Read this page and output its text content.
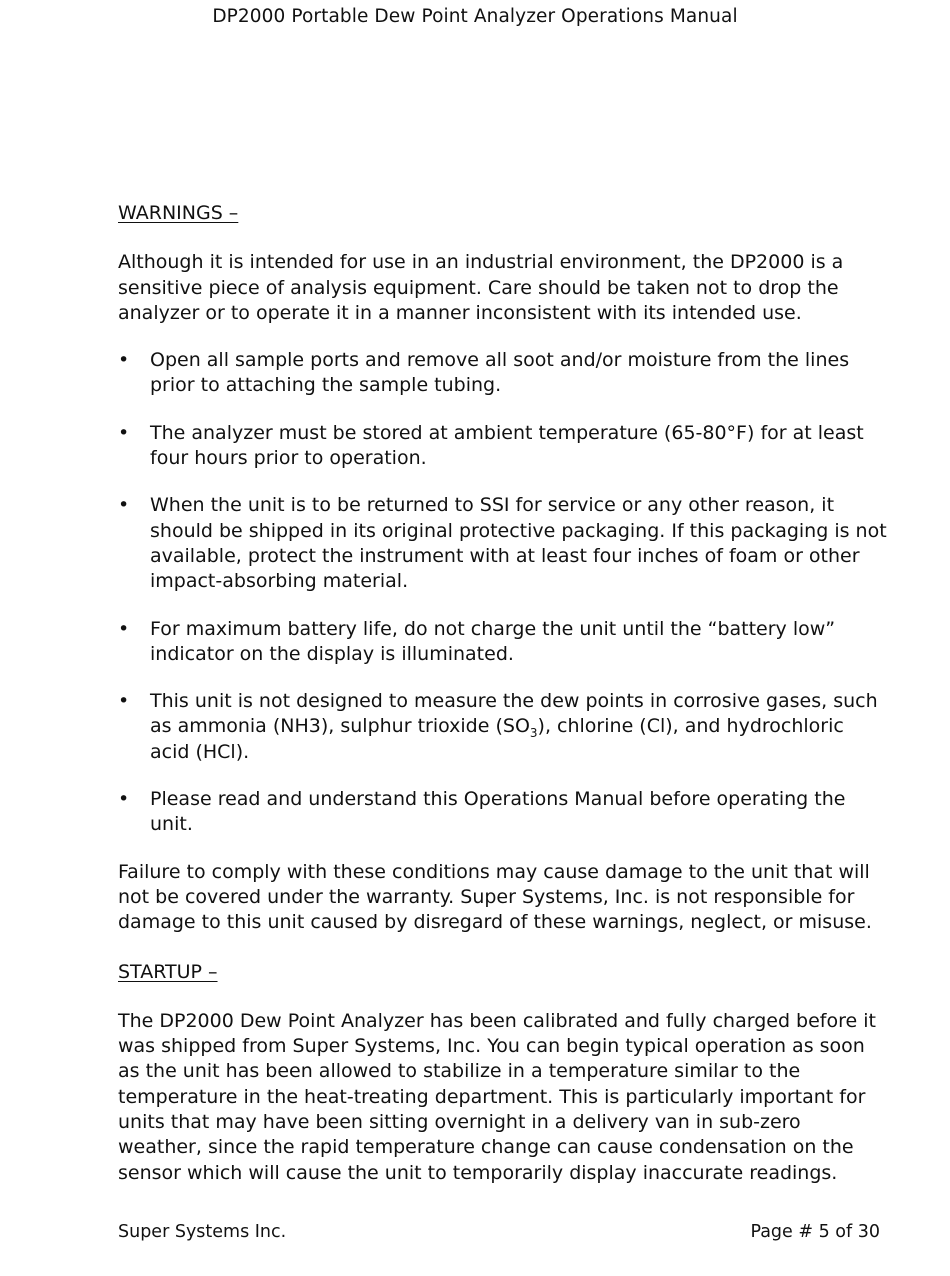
DP2000 Portable Dew Point Analyzer Operations Manual

WARNINGS –

Although it is intended for use in an industrial environment, the DP2000 is a sensitive piece of analysis equipment. Care should be taken not to drop the analyzer or to operate it in a manner inconsistent with its intended use.

• Open all sample ports and remove all soot and/or moisture from the lines prior to attaching the sample tubing.
• The analyzer must be stored at ambient temperature (65-80°F) for at least four hours prior to operation.
• When the unit is to be returned to SSI for service or any other reason, it should be shipped in its original protective packaging. If this packaging is not available, protect the instrument with at least four inches of foam or other impact-absorbing material.
• For maximum battery life, do not charge the unit until the “battery low” indicator on the display is illuminated.
• This unit is not designed to measure the dew points in corrosive gases, such as ammonia (NH3), sulphur trioxide $(SO_3)$, chlorine (Cl), and hydrochloric acid (HCl).
• Please read and understand this Operations Manual before operating the unit.

Failure to comply with these conditions may cause damage to the unit that will not be covered under the warranty. Super Systems, Inc. is not responsible for damage to this unit caused by disregard of these warnings, neglect, or misuse.

STARTUP –

The DP2000 Dew Point Analyzer has been calibrated and fully charged before it was shipped from Super Systems, Inc. You can begin typical operation as soon as the unit has been allowed to stabilize in a temperature similar to the temperature in the heat-treating department. This is particularly important for units that may have been sitting overnight in a delivery van in sub-zero weather, since the rapid temperature change can cause condensation on the sensor which will cause the unit to temporarily display inaccurate readings.

Super Systems Inc.	Page # 5 of 30
